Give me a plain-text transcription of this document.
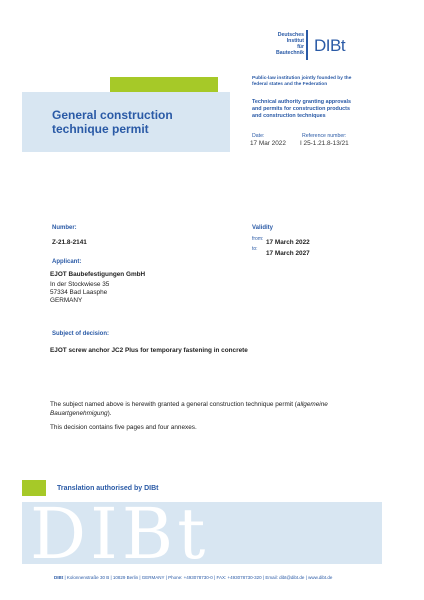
Deutsches
Institut
für
Bautechnik DIBt
General construction
technique permit
Public-law institution jointly founded by the
federal states and the Federation
Technical authority granting approvals
and permits for construction products
and construction techniques
Date:
17 Mar 2022
Reference number:
I 25-1.21.8-13/21
Number:
Z-21.8-2141
Validity
from: 17 March 2022
to:
17 March 2027
Applicant:
EJOT Baubefestigungen GmbH
In der Stockwiese 35
57334 Bad Laasphe
GERMANY
Subject of decision:
EJOT screw anchor JC2 Plus for temporary fastening in concrete
The subject named above is herewith granted a general construction technique permit (allgemeine Bauartgenehmigung).
This decision contains five pages and four annexes.
Translation authorised by DIBt
DIBt
DIBt | Kolonnenstraße 30 B | 10829 Berlin | GERMANY | Phone: +493078730-0 | FAX: +493078730-320 | Email: dibt@dibt.de | www.dibt.de
